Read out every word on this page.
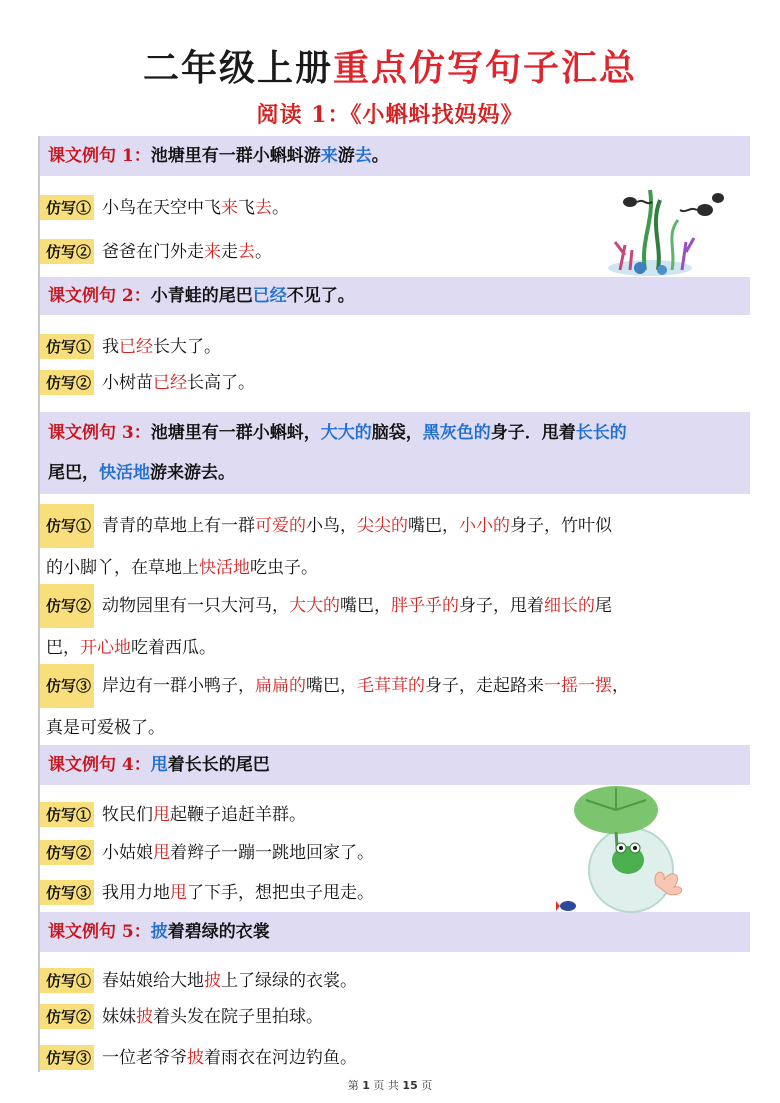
二年级上册重点仿写句子汇总
阅读 1：《小蝌蚪找妈妈》
课文例句 1：池塘里有一群小蝌蚪游来游去。
仿写① 小鸟在天空中飞来飞去。
仿写② 爸爸在门外走来走去。
课文例句 2：小青蛙的尾巴已经不见了。
仿写① 我已经长大了。
仿写② 小树苗已经长高了。
课文例句 3：池塘里有一群小蝌蚪，大大的脑袋，黑灰色的身子．甩着长长的
尾巴，快活地游来游去。
仿写① 青青的草地上有一群可爱的小鸟，尖尖的嘴巴，小小的身子，竹叶似
的小脚丫，在草地上快活地吃虫子。
仿写② 动物园里有一只大河马，大大的嘴巴，胖乎乎的身子，甩着细长的尾
巴，开心地吃着西瓜。
仿写③ 岸边有一群小鸭子，扁扁的嘴巴，毛茸茸的身子，走起路来一摇一摆，
真是可爱极了。
课文例句 4：甩着长长的尾巴
仿写① 牧民们甩起鞭子追赶羊群。
仿写② 小姑娘甩着辫子一蹦一跳地回家了。
仿写③ 我用力地甩了下手，想把虫子甩走。
课文例句 5：披着碧绿的衣裳
仿写① 春姑娘给大地披上了绿绿的衣裳。
仿写② 妹妹披着头发在院子里拍球。
仿写③ 一位老爷爷披着雨衣在河边钓鱼。
第 1 页 共 15 页
